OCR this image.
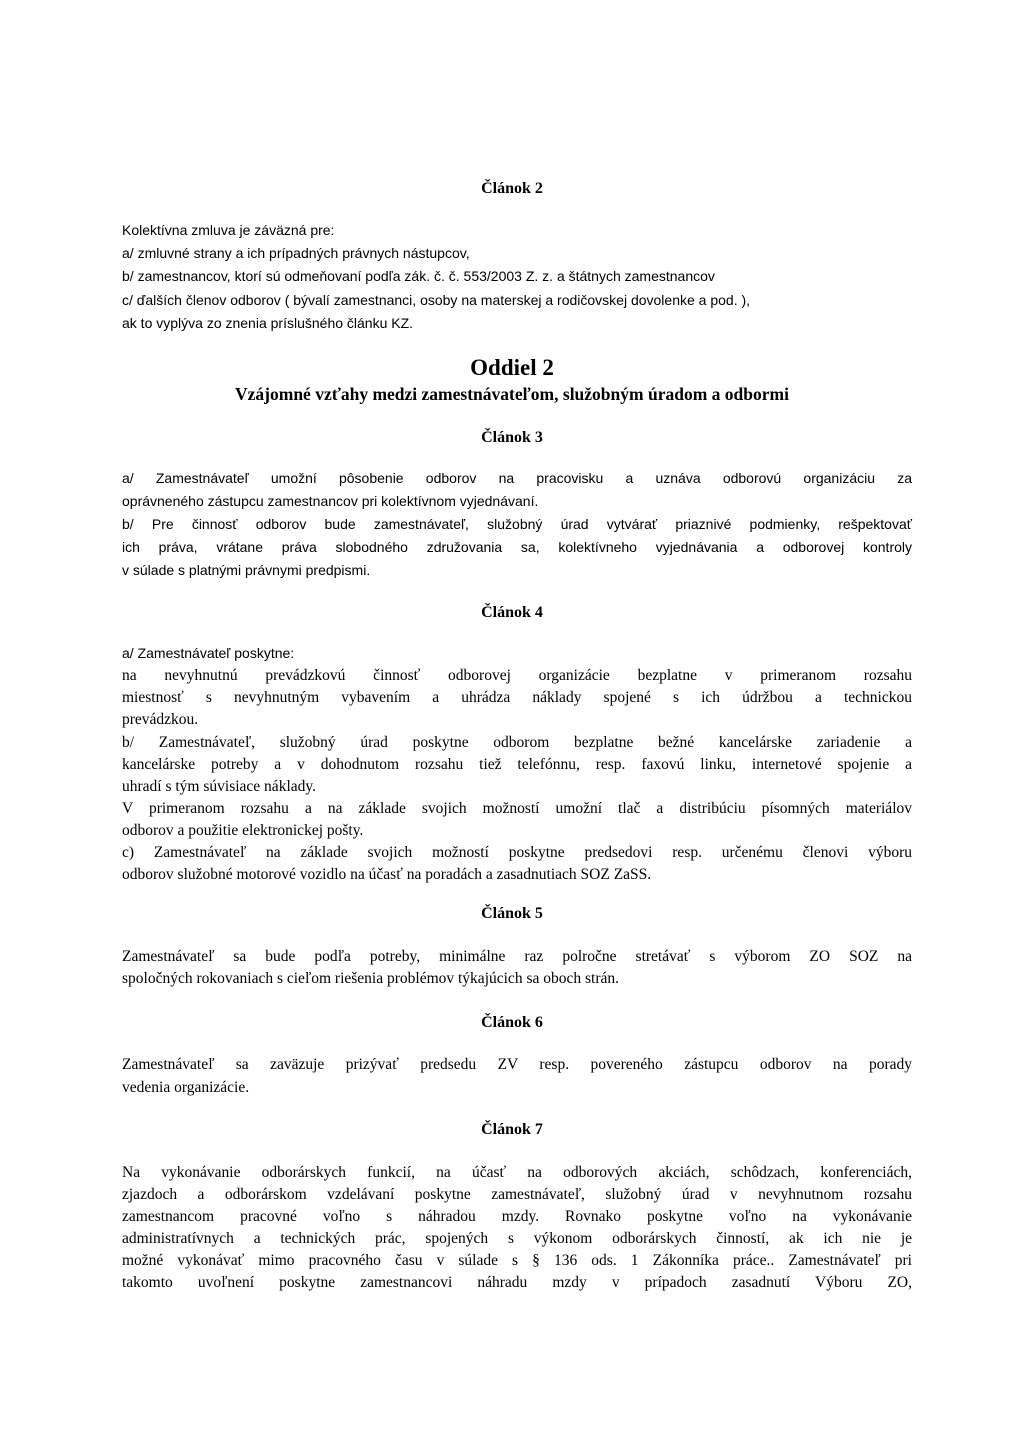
Článok 2
Kolektívna zmluva je záväzná pre:
a/ zmluvné strany a ich prípadných právnych nástupcov,
b/ zamestnancov, ktorí sú odmeňovaní podľa zák. č. č. 553/2003 Z. z. a štátnych zamestnancov
c/ ďalších členov odborov ( bývalí zamestnanci, osoby na materskej a rodičovskej dovolenke a pod. ),
ak to vyplýva zo znenia príslušného článku KZ.
Oddiel 2
Vzájomné vzťahy medzi zamestnávateľom, služobným úradom a odbormi
Článok 3
a/ Zamestnávateľ umožní pôsobenie odborov na pracovisku a uznáva odborovú organizáciu za
oprávneného zástupcu zamestnancov pri kolektívnom vyjednávaní.
b/ Pre činnosť odborov bude zamestnávateľ, služobný úrad vytvárať priaznivé podmienky, rešpektovať
ich práva, vrátane práva slobodného združovania sa, kolektívneho vyjednávania a odborovej kontroly
v súlade s platnými právnymi predpismi.
Článok 4
a/ Zamestnávateľ poskytne:
na nevyhnutnú prevádzkovú činnosť odborovej organizácie bezplatne v primeranom rozsahu
miestnosť s nevyhnutným vybavením a uhrádza náklady spojené s ich údržbou a technickou
prevádzkou.
b/ Zamestnávateľ, služobný úrad poskytne odborom bezplatne bežné kancelárske zariadenie a
kancelárske potreby a v dohodnutom rozsahu tiež telefónnu, resp. faxovú linku, internetové spojenie a
uhradí s tým súvisiace náklady.
V primeranom rozsahu a na základe svojich možností umožní tlač a distribúciu písomných materiálov
odborov a použitie elektronickej pošty.
c) Zamestnávateľ na základe svojich možností poskytne predsedovi resp. určenému členovi výboru
odborov služobné motorové vozidlo na účasť na poradách a zasadnutiach SOZ ZaSS.
Článok 5
Zamestnávateľ sa bude podľa potreby, minimálne raz polročne stretávať s výborom ZO SOZ na
spoločných rokovaniach s cieľom riešenia problémov týkajúcich sa oboch strán.
Článok 6
Zamestnávateľ sa zaväzuje prizývať predsedu ZV resp. povereného zástupcu odborov na porady
vedenia organizácie.
Článok 7
Na vykonávanie odborárskych funkcií, na účasť na odborových akciách, schôdzach, konferenciách,
zjazdoch a odborárskom vzdelávaní poskytne zamestnávateľ, služobný úrad v nevyhnutnom rozsahu
zamestnancom pracovné voľno s náhradou mzdy. Rovnako poskytne voľno na vykonávanie
administratívnych a technických prác, spojených s výkonom odborárskych činností, ak ich nie je
možné vykonávať mimo pracovného času v súlade s § 136 ods. 1 Zákonníka práce.. Zamestnávateľ pri
takomto uvoľnení poskytne zamestnancovi náhradu mzdy v prípadoch zasadnutí Výboru ZO,
